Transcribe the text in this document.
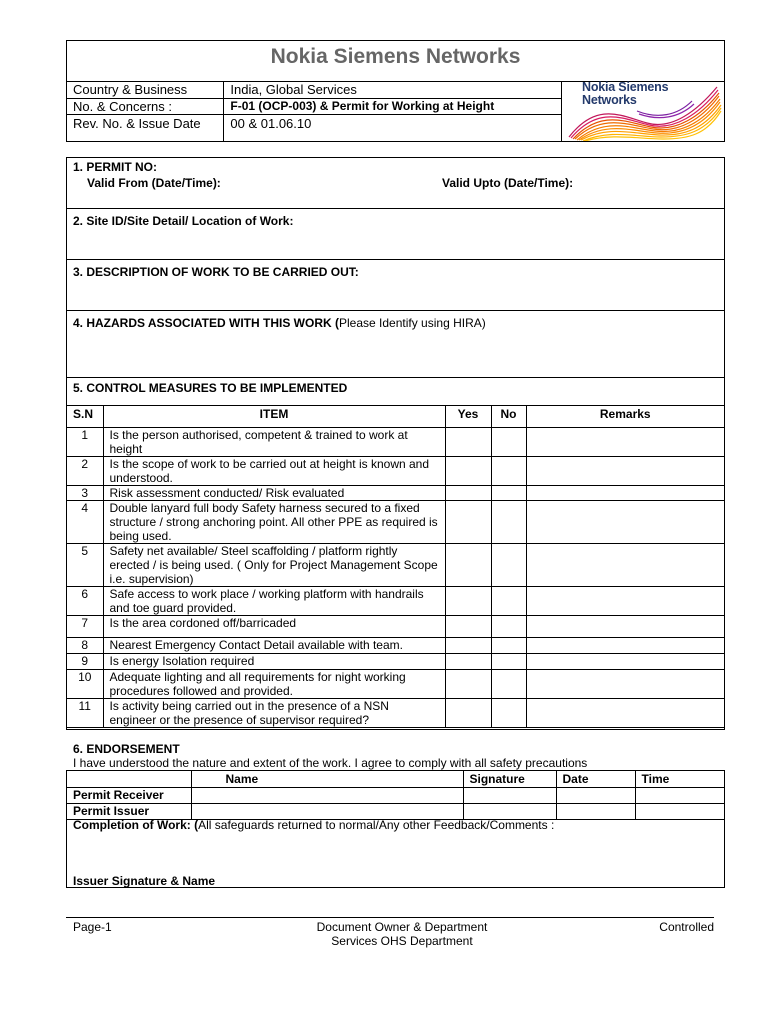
Nokia Siemens Networks
Country & Business	India, Global Services
No. & Concerns :	F-01 (OCP-003) & Permit for Working at Height
Rev. No. & Issue Date	00 & 01.06.10
Nokia Siemens
Networks
1. PERMIT NO:
Valid From (Date/Time):	Valid Upto (Date/Time):
2. Site ID/Site Detail/ Location of Work:
3. DESCRIPTION OF WORK TO BE CARRIED OUT:
4. HAZARDS ASSOCIATED WITH THIS WORK (Please Identify using HIRA)
5. CONTROL MEASURES TO BE IMPLEMENTED
S.N	ITEM	Yes	No	Remarks
1	Is the person authorised, competent & trained to work at height			
2	Is the scope of work to be carried out at height is known and understood.			
3	Risk assessment conducted/ Risk evaluated			
4	Double lanyard full body Safety harness secured to a fixed structure / strong anchoring point. All other PPE as required is being used.			
5	Safety net available/ Steel scaffolding / platform rightly erected / is being used. ( Only for Project Management Scope i.e. supervision)			
6	Safe access to work place / working platform with handrails and toe guard provided.			
7	Is the area cordoned off/barricaded			
8	Nearest Emergency Contact Detail available with team.			
9	Is energy Isolation required			
10	Adequate lighting and all requirements for night working procedures followed and provided.			
11	Is activity being carried out in the presence of a NSN engineer or the presence of supervisor required?			
6. ENDORSEMENT
I have understood the nature and extent of the work. I agree to comply with all safety precautions
	Name	Signature	Date	Time
Permit Receiver				
Permit Issuer				
Completion of Work: (All safeguards returned to normal/Any other Feedback/Comments :
Issuer Signature & Name
Page-1	Document Owner & Department
Services OHS Department
Controlled
